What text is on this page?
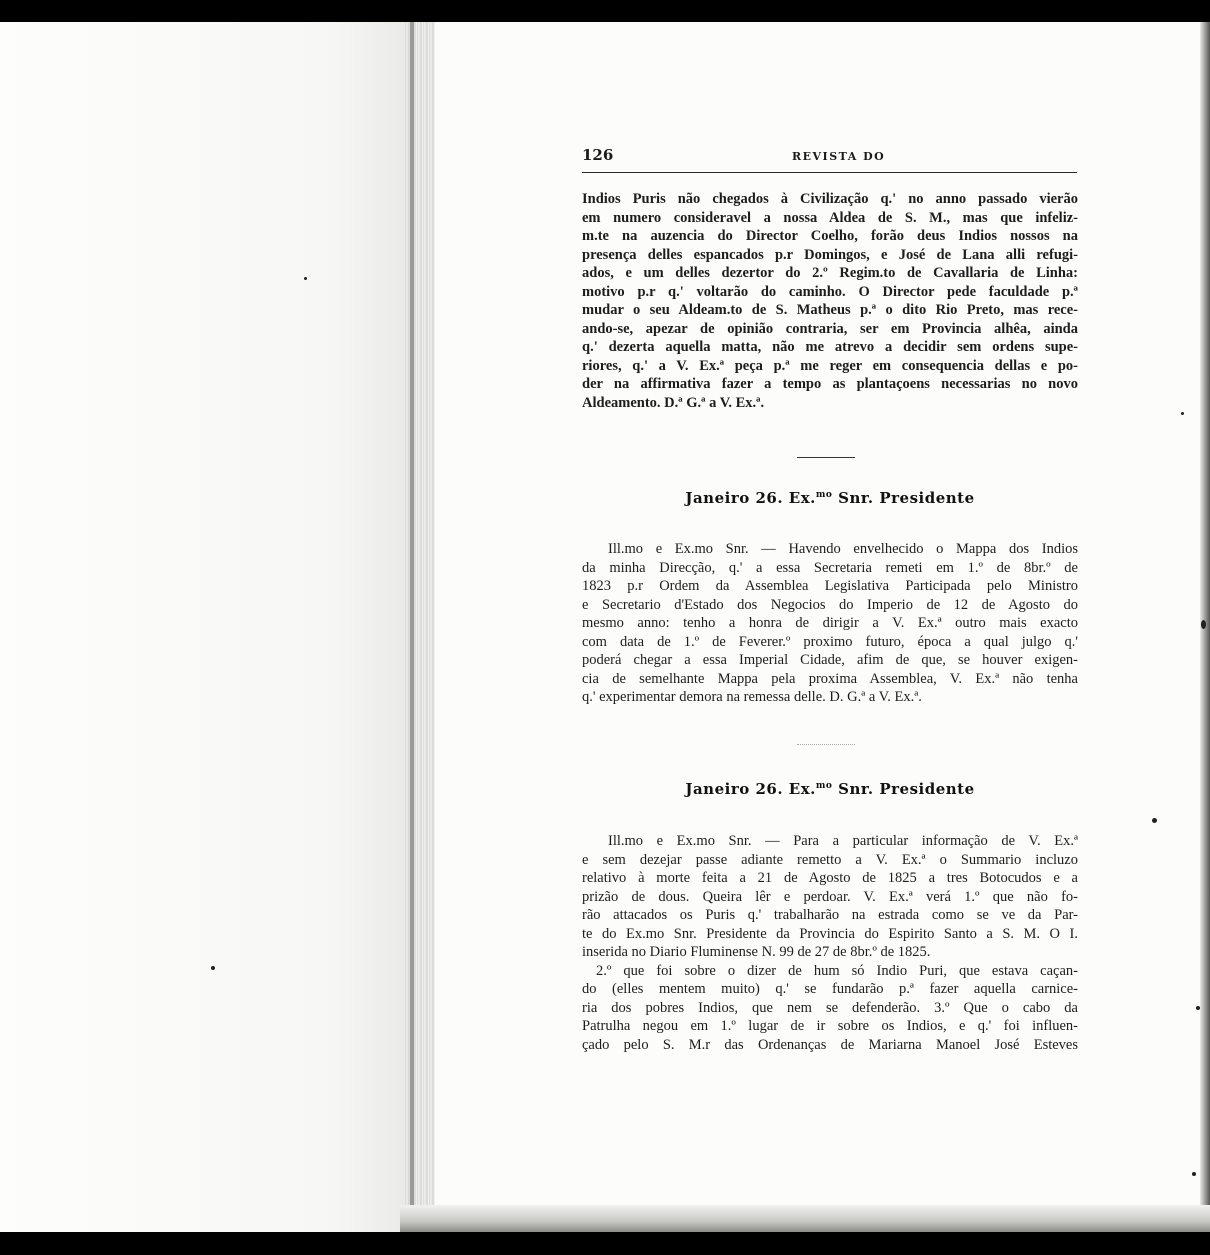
126	REVISTA DO
Indios Puris não chegados à Civilização q.' no anno passado vierão
em numero consideravel a nossa Aldea de S. M., mas que infeliz-
m.te na auzencia do Director Coelho, forão deus Indios nossos na
presença delles espancados p.r Domingos, e José de Lana alli refugi-
ados, e um delles dezertor do 2.º Regim.to de Cavallaria de Linha:
motivo p.r q.' voltarão do caminho. O Director pede faculdade p.ª
mudar o seu Aldeam.to de S. Matheus p.ª o dito Rio Preto, mas rece-
ando-se, apezar de opinião contraria, ser em Provincia alhêa, ainda
q.' dezerta aquella matta, não me atrevo a decidir sem ordens supe-
riores, q.' a V. Ex.ª peça p.ª me reger em consequencia dellas e po-
der na affirmativa fazer a tempo as plantaçoens necessarias no novo
Aldeamento. D.ª G.ª a V. Ex.ª.
Janeiro 26. Ex.$^{mo}$ Snr. Presidente
Ill.mo e Ex.mo Snr. — Havendo envelhecido o Mappa dos Indios
da minha Direcção, q.' a essa Secretaria remeti em 1.º de 8br.º de
1823 p.r Ordem da Assemblea Legislativa Participada pelo Ministro
e Secretario d'Estado dos Negocios do Imperio de 12 de Agosto do
mesmo anno: tenho a honra de dirigir a V. Ex.ª outro mais exacto
com data de 1.º de Feverer.º proximo futuro, época a qual julgo q.'
poderá chegar a essa Imperial Cidade, afim de que, se houver exigen-
cia de semelhante Mappa pela proxima Assemblea, V. Ex.ª não tenha
q.' experimentar demora na remessa delle. D. G.ª a V. Ex.ª.
Janeiro 26. Ex.$^{mo}$ Snr. Presidente
Ill.mo e Ex.mo Snr. — Para a particular informação de V. Ex.ª
e sem dezejar passe adiante remetto a V. Ex.ª o Summario incluzo
relativo à morte feita a 21 de Agosto de 1825 a tres Botocudos e a
prizão de dous. Queira lêr e perdoar. V. Ex.ª verá 1.º que não fo-
rão attacados os Puris q.' trabalharão na estrada como se ve da Par-
te do Ex.mo Snr. Presidente da Provincia do Espirito Santo a S. M. O I.
inserida no Diario Fluminense N. 99 de 27 de 8br.º de 1825.
2.º que foi sobre o dizer de hum só Indio Puri, que estava caçan-
do (elles mentem muito) q.' se fundarão p.ª fazer aquella carnice-
ria dos pobres Indios, que nem se defenderão. 3.º Que o cabo da
Patrulha negou em 1.º lugar de ir sobre os Indios, e q.' foi influen-
çado pelo S. M.r das Ordenanças de Mariarna Manoel José Esteves
